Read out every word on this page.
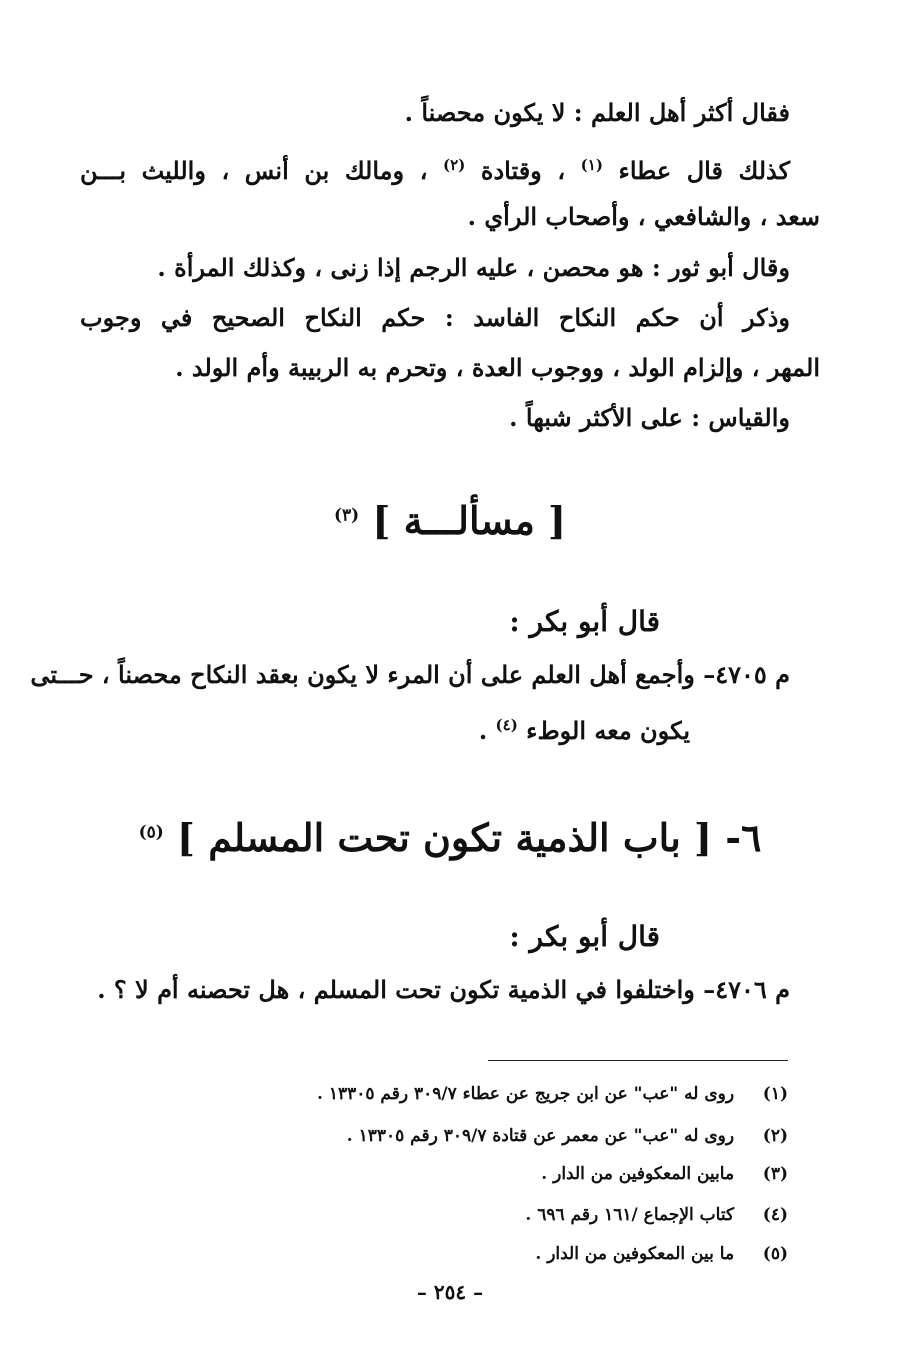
فقال أكثر أهل العلم : لا يكون محصناً .
كذلك قال عطاء $^{(١)}$ ، وقتادة $^{(٢)}$ ، ومالك بن أنس ، والليث بـــن
سعد ، والشافعي ، وأصحاب الرأي .
وقال أبو ثور : هو محصن ، عليه الرجم إذا زنى ، وكذلك المرأة .
وذكر أن حكم النكاح الفاسد : حكم النكاح الصحيح في وجوب
المهر ، وإلزام الولد ، ووجوب العدة ، وتحرم به الربيبة وأم الولد .
والقياس : على الأكثر شبهاً .
[ مسألـــة ] $^{(٣)}$
قال أبو بكر :
م ٤٧٠٥– وأجمع أهل العلم على أن المرء لا يكون بعقد النكاح محصناً ، حـــتى
يكون معه الوطء $^{(٤)}$ .
٦- [ باب الذمية تكون تحت المسلم ] $^{(٥)}$
قال أبو بكر :
م ٤٧٠٦– واختلفوا في الذمية تكون تحت المسلم ، هل تحصنه أم لا ؟ .
(١) روى له "عب" عن ابن جريج عن عطاء ٣٠٩/٧ رقم ١٣٣٠٥ .
(٢) روى له "عب" عن معمر عن قتادة ٣٠٩/٧ رقم ١٣٣٠٥ .
(٣) مابين المعكوفين من الدار .
(٤) كتاب الإجماع /١٦١ رقم ٦٩٦ .
(٥) ما بين المعكوفين من الدار .
– ٢٥٤ –
